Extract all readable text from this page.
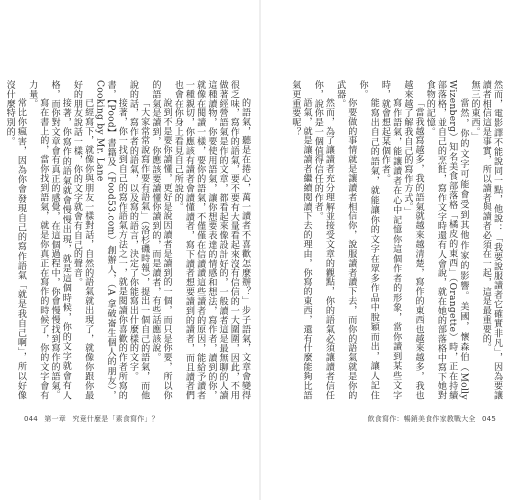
的語氣，聽是在捲心，萬一讀者不喜歡怎麼辦？」步子語氣，文章會變得很乏味，寫作的語氣，要不要有大量看起來沒有信信的一大圍圍，因此，不用做著經營語氣是作的文章，都看起來像設計好的，一般讀者這是最無聊的人讀這種讀物，你要使用語氣，讓你想要表達的情感和想法，寫作者，讀到的你，就像在閱讀一樣，要你的語氣，不僅僅在信讀讀這些讀者的原因，能給予讀者一種親切，你應該有讀者會讀懂讀者，寫下讀者想要讀到的讀者，而且讀者們也會在你身上看見自己所說的。

說到不是要你讀懂，更好是說因讀者是讀到的一個，而只是你要，所以你的語氣是讀到，你應該要讀懂你讀到的，而是讀者，有些話應該說。

「大家常常說寫作要有語氣」（洛杉磯時報），提出一個自己的語氣，而他說的話，寫作者的語氣，以及寫的語言，決定了你能寫出什麼樣的文字。

接著，你一找到自己的寫作語氣方法之一，就是閱讀你喜歡的作者所寫的書，【Pood】書籍及（Food53.com）創辦人，（A 拿破崙生個人的朋友），Cooking by Mr. Lane

已經寫下，就像你與朋友一樣對話，自然的語氣就出現了，就像你跟你最好的朋友說話一樣，你的文字就會有自己的聲音。

接著，你寫作的語氣就會慢慢出現，就是這個時候，你的文字就會有人格，而你對文章會有真正的感覺，在這個過程中，你會慢慢找到寫作的語氣。

寫在書上的，當你找到語氣，就是你真正在寫作的時候了，你的文字會有力量。

常比你瘋害，因為你會發現自己的寫作語氣「就是我自己啊」，所以好像沒什麼特別的。

044 第一章 究竟什麼是「素食寫作」？

然而，電影譯不能說同一點，他說：「我要說服讀者它確實非凡」，因為要讓讀者相信這是事實，所以讀者與讀者必須在一起，這是最重要的。

無三的東西。」

當然，你的文字可能會受到其他作家的影響。美國，懷森伯（Molly Wizenberg）知名美食部落格「橘皮的東西」（Orangette）時，正在持續部落格，並自己的烹飪，寫作文字時還有人會說，就在她的部落格中寫下她對食物的記憶。

「當我越寫越多，我的語氣就越來越清楚，寫作的東西也越來越多，我也越來越了解我自己的寫作方式。」

寫作語氣，能讓讀者在心中記憶你這個作者的形象，當你讀到某些文字時，就會想起某個作者。

能寫出自己的語氣，就能讓你的文字在眾多作品中脫穎而出，讓人記住你。

你要做的事情就是讓讀者相信你，說服讀者讀下去，而你的語氣就是你的武器。

然而，為了讓讀者充分理解並接受文章的觀點，你的語氣必須讓讀者信任你，說你是一個值得信任的作者。

語氣，就是讓讀者繼續閱讀下去的理由，你寫的東西，還有什麼能夠比語氣更重要呢？

飲食寫作：暢銷美食作家教戰大全 045
